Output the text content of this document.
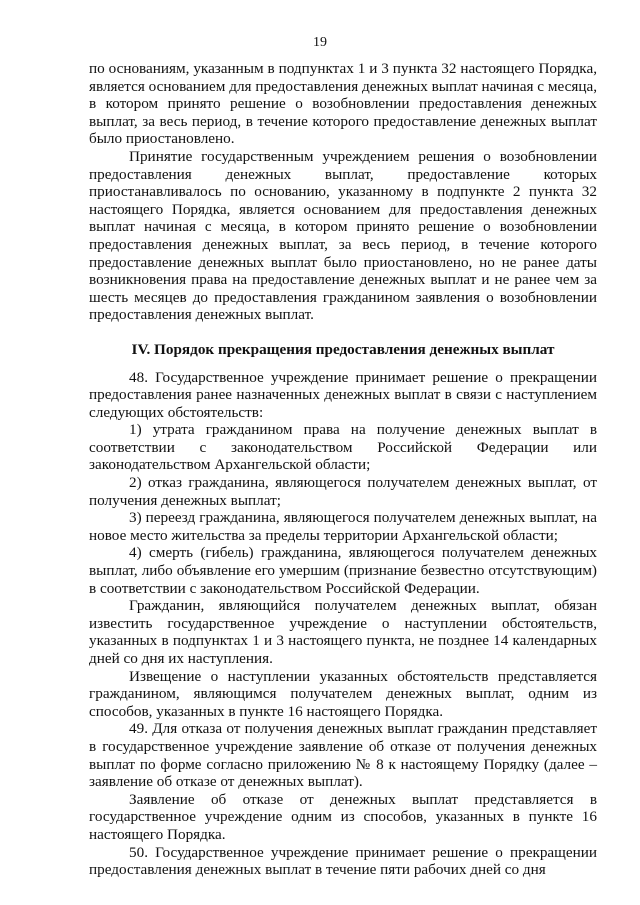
19

по основаниям, указанным в подпунктах 1 и 3 пункта 32 настоящего Порядка, является основанием для предоставления денежных выплат начиная с месяца, в котором принято решение о возобновлении предоставления денежных выплат, за весь период, в течение которого предоставление денежных выплат было приостановлено.

Принятие государственным учреждением решения о возобновлении предоставления денежных выплат, предоставление которых приостанавливалось по основанию, указанному в подпункте 2 пункта 32 настоящего Порядка, является основанием для предоставления денежных выплат начиная с месяца, в котором принято решение о возобновлении предоставления денежных выплат, за весь период, в течение которого предоставление денежных выплат было приостановлено, но не ранее даты возникновения права на предоставление денежных выплат и не ранее чем за шесть месяцев до предоставления гражданином заявления о возобновлении предоставления денежных выплат.

IV. Порядок прекращения предоставления денежных выплат

48. Государственное учреждение принимает решение о прекращении предоставления ранее назначенных денежных выплат в связи с наступлением следующих обстоятельств:

1) утрата гражданином права на получение денежных выплат в соответствии с законодательством Российской Федерации или законодательством Архангельской области;

2) отказ гражданина, являющегося получателем денежных выплат, от получения денежных выплат;

3) переезд гражданина, являющегося получателем денежных выплат, на новое место жительства за пределы территории Архангельской области;

4) смерть (гибель) гражданина, являющегося получателем денежных выплат, либо объявление его умершим (признание безвестно отсутствующим) в соответствии с законодательством Российской Федерации.

Гражданин, являющийся получателем денежных выплат, обязан известить государственное учреждение о наступлении обстоятельств, указанных в подпунктах 1 и 3 настоящего пункта, не позднее 14 календарных дней со дня их наступления.

Извещение о наступлении указанных обстоятельств представляется гражданином, являющимся получателем денежных выплат, одним из способов, указанных в пункте 16 настоящего Порядка.

49. Для отказа от получения денежных выплат гражданин представляет в государственное учреждение заявление об отказе от получения денежных выплат по форме согласно приложению № 8 к настоящему Порядку (далее – заявление об отказе от денежных выплат).

Заявление об отказе от денежных выплат представляется в государственное учреждение одним из способов, указанных в пункте 16 настоящего Порядка.

50. Государственное учреждение принимает решение о прекращении предоставления денежных выплат в течение пяти рабочих дней со дня
